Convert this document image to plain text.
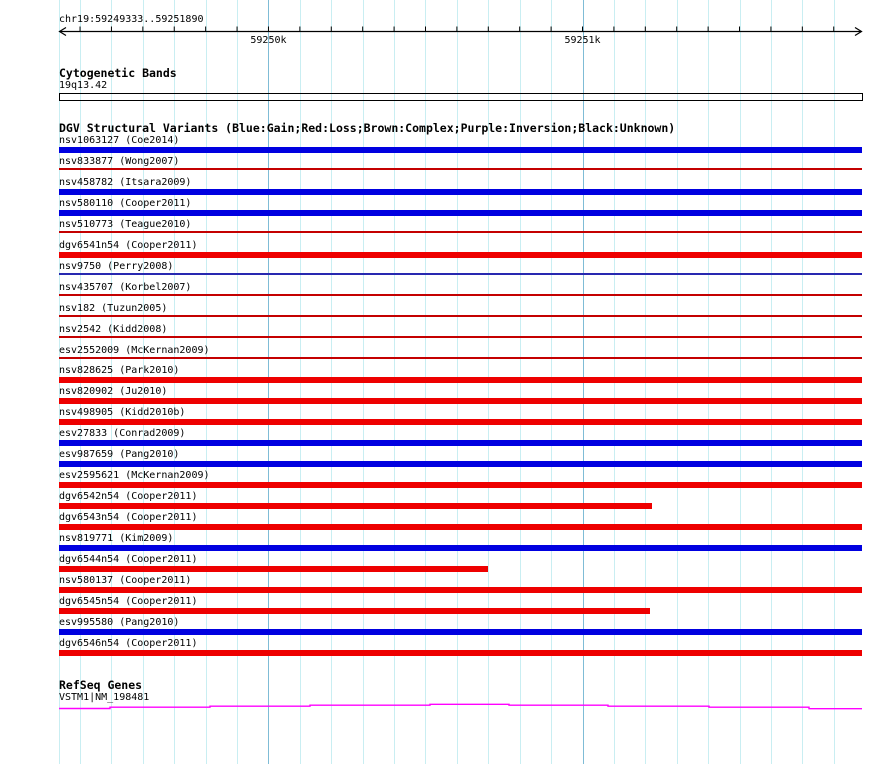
chr19:59249333..59251890
59250k	59251k
Cytogenetic Bands
19q13.42
DGV Structural Variants (Blue:Gain;Red:Loss;Brown:Complex;Purple:Inversion;Black:Unknown)
nsv1063127 (Coe2014)
nsv833877 (Wong2007)
nsv458782 (Itsara2009)
nsv580110 (Cooper2011)
nsv510773 (Teague2010)
dgv6541n54 (Cooper2011)
nsv9750 (Perry2008)
nsv435707 (Korbel2007)
nsv182 (Tuzun2005)
nsv2542 (Kidd2008)
esv2552009 (McKernan2009)
nsv828625 (Park2010)
nsv820902 (Ju2010)
nsv498905 (Kidd2010b)
esv27833 (Conrad2009)
esv987659 (Pang2010)
esv2595621 (McKernan2009)
dgv6542n54 (Cooper2011)
dgv6543n54 (Cooper2011)
nsv819771 (Kim2009)
dgv6544n54 (Cooper2011)
nsv580137 (Cooper2011)
dgv6545n54 (Cooper2011)
esv995580 (Pang2010)
dgv6546n54 (Cooper2011)
RefSeq Genes
VSTM1|NM_198481
